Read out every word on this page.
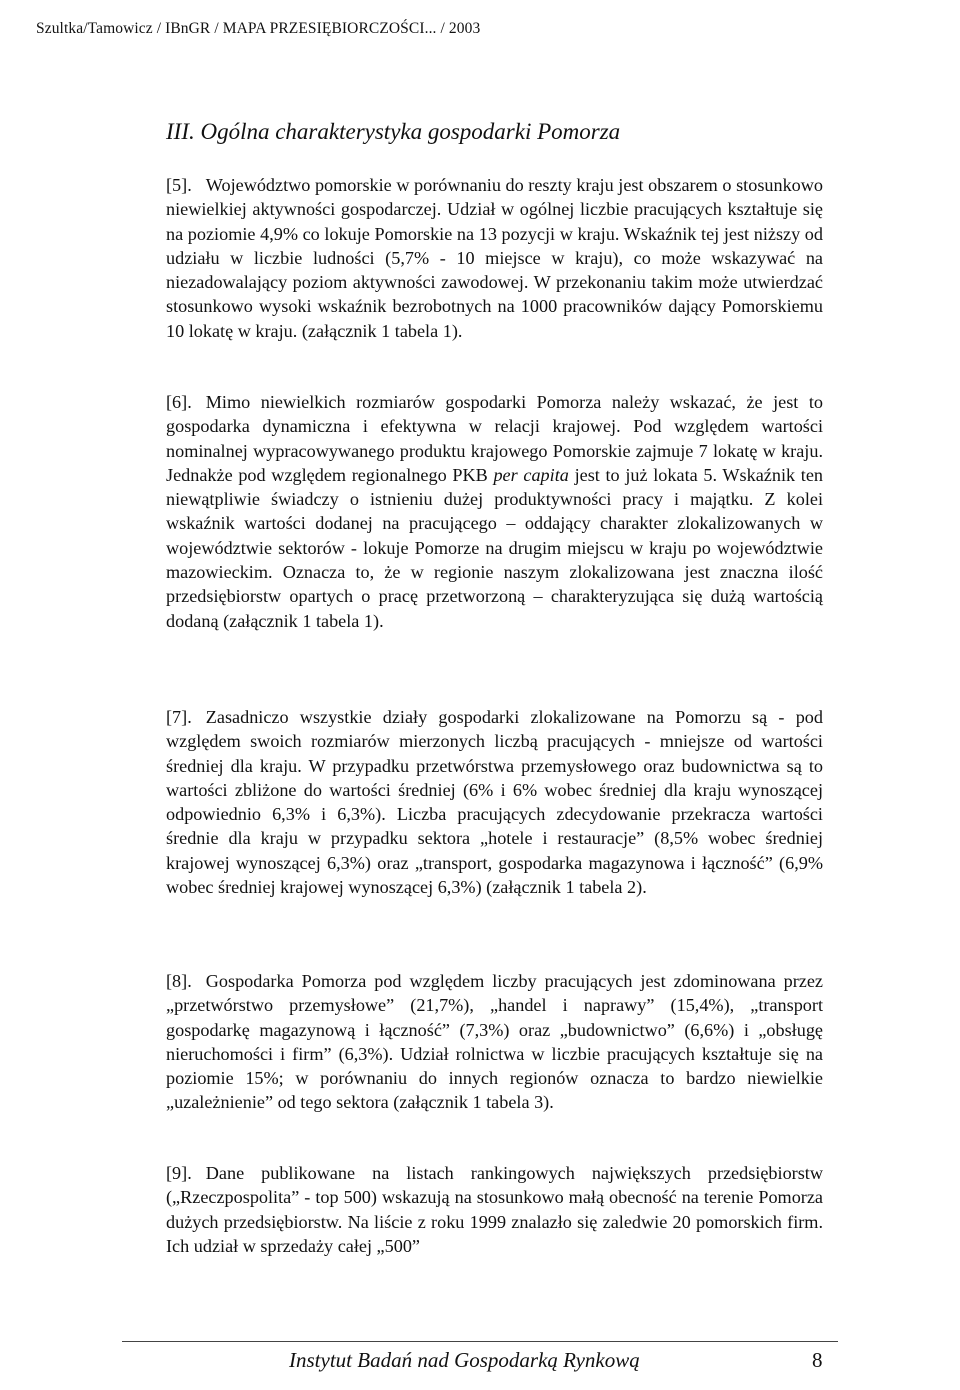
Szultka/Tamowicz / IBnGR / MAPA PRZESIĘBIORCZOŚCI... / 2003
III. Ogólna charakterystyka gospodarki Pomorza

[5]. Województwo pomorskie w porównaniu do reszty kraju jest obszarem o stosunkowo niewielkiej aktywności gospodarczej. Udział w ogólnej liczbie pracujących kształtuje się na poziomie 4,9% co lokuje Pomorskie na 13 pozycji w kraju. Wskaźnik tej jest niższy od udziału w liczbie ludności (5,7% - 10 miejsce w kraju), co może wskazywać na niezadowalający poziom aktywności zawodowej. W przekonaniu takim może utwierdzać stosunkowo wysoki wskaźnik bezrobotnych na 1000 pracowników dający Pomorskiemu 10 lokatę w kraju. (załącznik 1 tabela 1).

[6]. Mimo niewielkich rozmiarów gospodarki Pomorza należy wskazać, że jest to gospodarka dynamiczna i efektywna w relacji krajowej. Pod względem wartości nominalnej wypracowywanego produktu krajowego Pomorskie zajmuje 7 lokatę w kraju. Jednakże pod względem regionalnego PKB per capita jest to już lokata 5. Wskaźnik ten niewątpliwie świadczy o istnieniu dużej produktywności pracy i majątku. Z kolei wskaźnik wartości dodanej na pracującego – oddający charakter zlokalizowanych w województwie sektorów - lokuje Pomorze na drugim miejscu w kraju po województwie mazowieckim. Oznacza to, że w regionie naszym zlokalizowana jest znaczna ilość przedsiębiorstw opartych o pracę przetworzoną – charakteryzująca się dużą wartością dodaną (załącznik 1 tabela 1).

[7]. Zasadniczo wszystkie działy gospodarki zlokalizowane na Pomorzu są - pod względem swoich rozmiarów mierzonych liczbą pracujących - mniejsze od wartości średniej dla kraju. W przypadku przetwórstwa przemysłowego oraz budownictwa są to wartości zbliżone do wartości średniej (6% i 6% wobec średniej dla kraju wynoszącej odpowiednio 6,3% i 6,3%). Liczba pracujących zdecydowanie przekracza wartości średnie dla kraju w przypadku sektora „hotele i restauracje” (8,5% wobec średniej krajowej wynoszącej 6,3%) oraz „transport, gospodarka magazynowa i łączność” (6,9% wobec średniej krajowej wynoszącej 6,3%) (załącznik 1 tabela 2).

[8]. Gospodarka Pomorza pod względem liczby pracujących jest zdominowana przez „przetwórstwo przemysłowe” (21,7%), „handel i naprawy” (15,4%), „transport gospodarkę magazynową i łączność” (7,3%) oraz „budownictwo” (6,6%) i „obsługę nieruchomości i firm” (6,3%). Udział rolnictwa w liczbie pracujących kształtuje się na poziomie 15%; w porównaniu do innych regionów oznacza to bardzo niewielkie „uzależnienie” od tego sektora (załącznik 1 tabela 3).

[9]. Dane publikowane na listach rankingowych największych przedsiębiorstw („Rzeczpospolita” - top 500) wskazują na stosunkowo małą obecność na terenie Pomorza dużych przedsiębiorstw. Na liście z roku 1999 znalazło się zaledwie 20 pomorskich firm. Ich udział w sprzedaży całej „500”

Instytut Badań nad Gospodarką Rynkową	8
